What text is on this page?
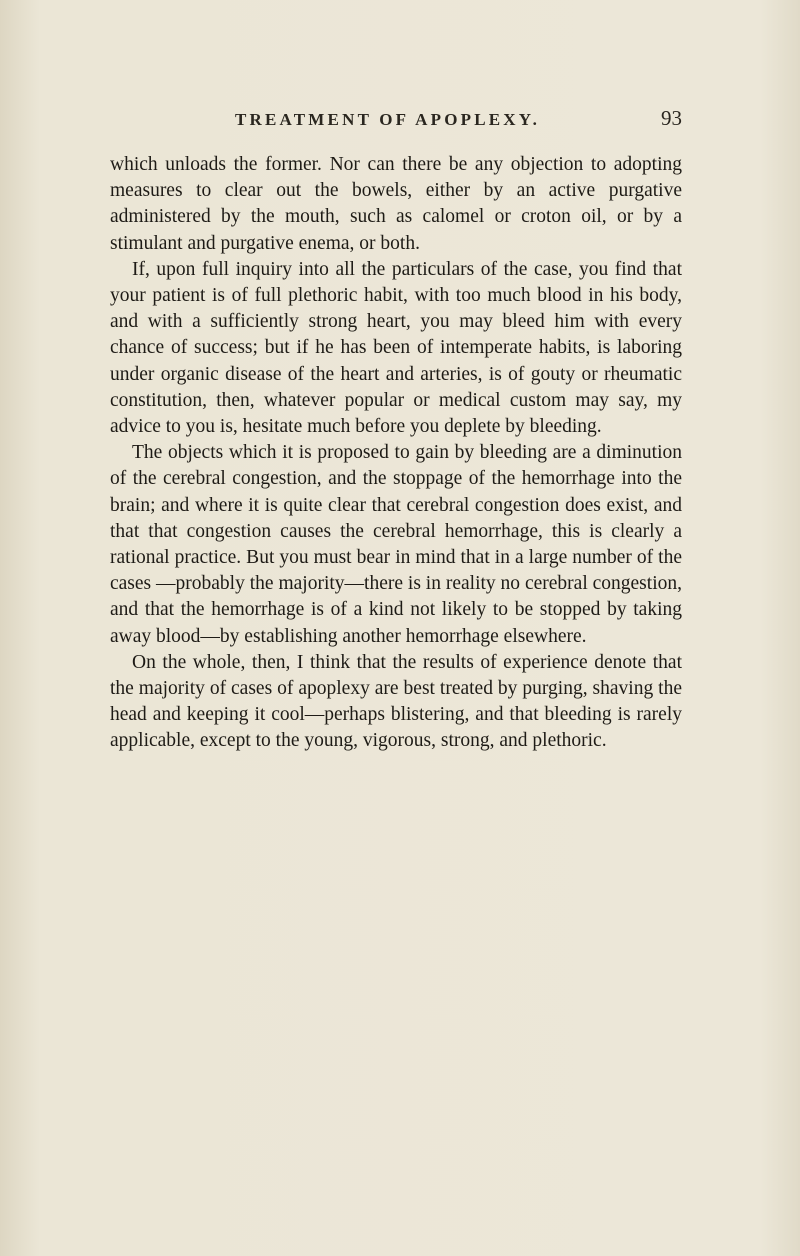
TREATMENT OF APOPLEXY.	93

which unloads the former. Nor can there be any objection to adopting measures to clear out the bowels, either by an active purgative administered by the mouth, such as calomel or croton oil, or by a stimulant and purgative enema, or both.

If, upon full inquiry into all the particulars of the case, you find that your patient is of full plethoric habit, with too much blood in his body, and with a sufficiently strong heart, you may bleed him with every chance of success; but if he has been of intemperate habits, is laboring under organic disease of the heart and arteries, is of gouty or rheumatic constitution, then, whatever popular or medical custom may say, my advice to you is, hesitate much before you deplete by bleeding.

The objects which it is proposed to gain by bleeding are a diminution of the cerebral congestion, and the stoppage of the hemorrhage into the brain; and where it is quite clear that cerebral congestion does exist, and that that congestion causes the cerebral hemorrhage, this is clearly a rational practice. But you must bear in mind that in a large number of the cases —probably the majority—there is in reality no cerebral congestion, and that the hemorrhage is of a kind not likely to be stopped by taking away blood—by establishing another hemorrhage elsewhere.

On the whole, then, I think that the results of experience denote that the majority of cases of apoplexy are best treated by purging, shaving the head and keeping it cool—perhaps blistering, and that bleeding is rarely applicable, except to the young, vigorous, strong, and plethoric.
